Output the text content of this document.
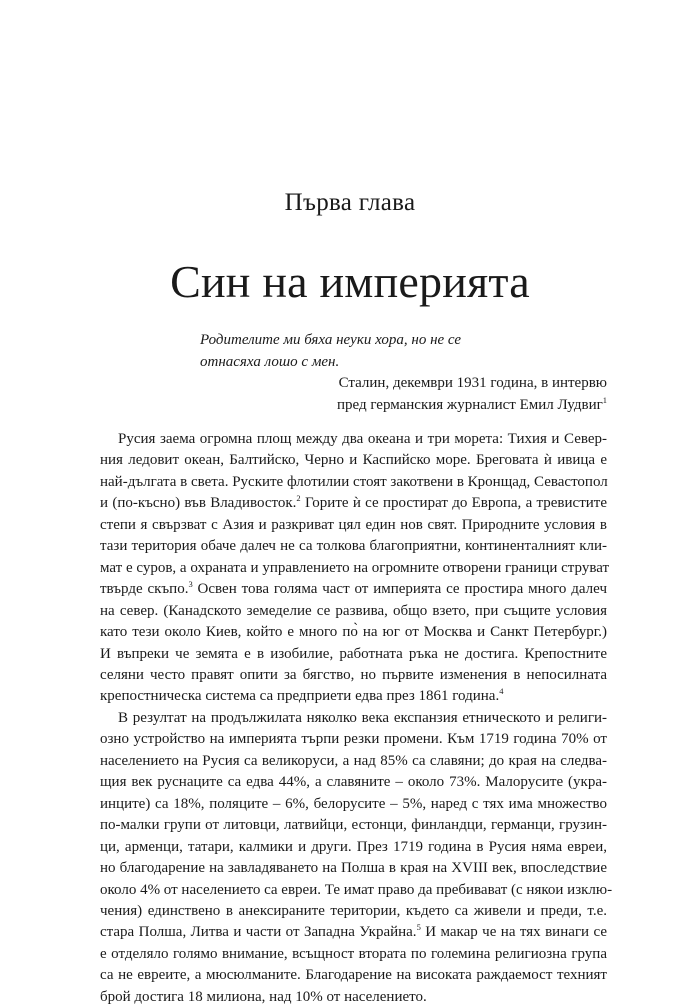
Първа глава
Син на империята
Родителите ми бяха неуки хора, но не се
отнасяха лошо с мен.
Сталин, декември 1931 година, в интервю
пред германския журналист Емил Лудвиг$^1$
Русия заема огромна площ между два океана и три морета: Тихия и Север-
ния ледовит океан, Балтийско, Черно и Каспийско море. Бреговата ѝ ивица е
най-дългата в света. Руските флотилии стоят закотвени в Кронщад, Севастопол
и (по-късно) във Владивосток.$^2$ Горите ѝ се простират до Европа, а тревистите
степи я свързват с Азия и разкриват цял един нов свят. Природните условия в
тази територия обаче далеч не са толкова благоприятни, континенталният кли-
мат е суров, а охраната и управлението на огромните отворени граници струват
твърде скъпо.$^3$ Освен това голяма част от империята се простира много далеч
на север. (Канадското земеделие се развива, общо взето, при същите условия
като тези около Киев, който е много по̀ на юг от Москва и Санкт Петербург.)
И въпреки че земята е в изобилие, работната ръка не достига. Крепостните
селяни често правят опити за бягство, но първите изменения в непосилната
крепостническа система са предприети едва през 1861 година.$^4$
В резултат на продължилата няколко века експанзия етническото и религи-
озно устройство на империята търпи резки промени. Към 1719 година 70% от
населението на Русия са великоруси, а над 85% са славяни; до края на следва-
щия век руснаците са едва 44%, а славяните – около 73%. Малорусите (укра-
инците) са 18%, поляците – 6%, белорусите – 5%, наред с тях има множество
по-малки групи от литовци, латвийци, естонци, финландци, германци, грузин-
ци, арменци, татари, калмики и други. През 1719 година в Русия няма евреи,
но благодарение на завладяването на Полша в края на XVIII век, впоследствие
около 4% от населението са евреи. Те имат право да пребивават (с някои изклю-
чения) единствено в анексираните територии, където са живели и преди, т.е.
стара Полша, Литва и части от Западна Украйна.$^5$ И макар че на тях винаги се
е отделяло голямо внимание, всъщност втората по големина религиозна група
са не евреите, а мюсюлманите. Благодарение на високата раждаемост техният
брой достига 18 милиона, над 10% от населението.
